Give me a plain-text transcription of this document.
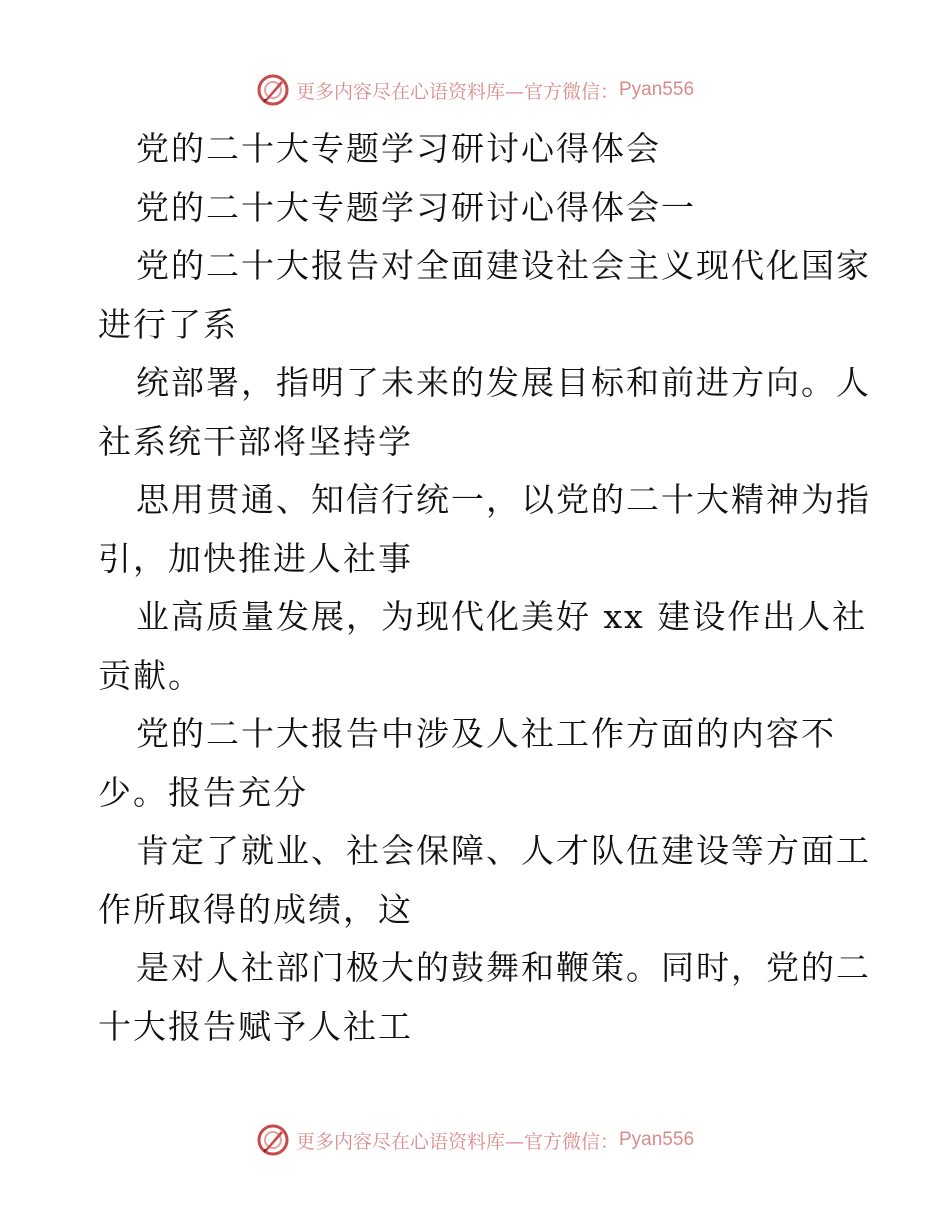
更多内容尽在心语资料库—官方微信： Pyan556
党的二十大专题学习研讨心得体会
党的二十大专题学习研讨心得体会一
党的二十大报告对全面建设社会主义现代化国家
进行了系
统部署，指明了未来的发展目标和前进方向。人
社系统干部将坚持学
思用贯通、知信行统一，以党的二十大精神为指
引，加快推进人社事
业高质量发展，为现代化美好 xx 建设作出人社
贡献。
党的二十大报告中涉及人社工作方面的内容不
少。报告充分
肯定了就业、社会保障、人才队伍建设等方面工
作所取得的成绩，这
是对人社部门极大的鼓舞和鞭策。同时，党的二
十大报告赋予人社工
更多内容尽在心语资料库—官方微信： Pyan556
